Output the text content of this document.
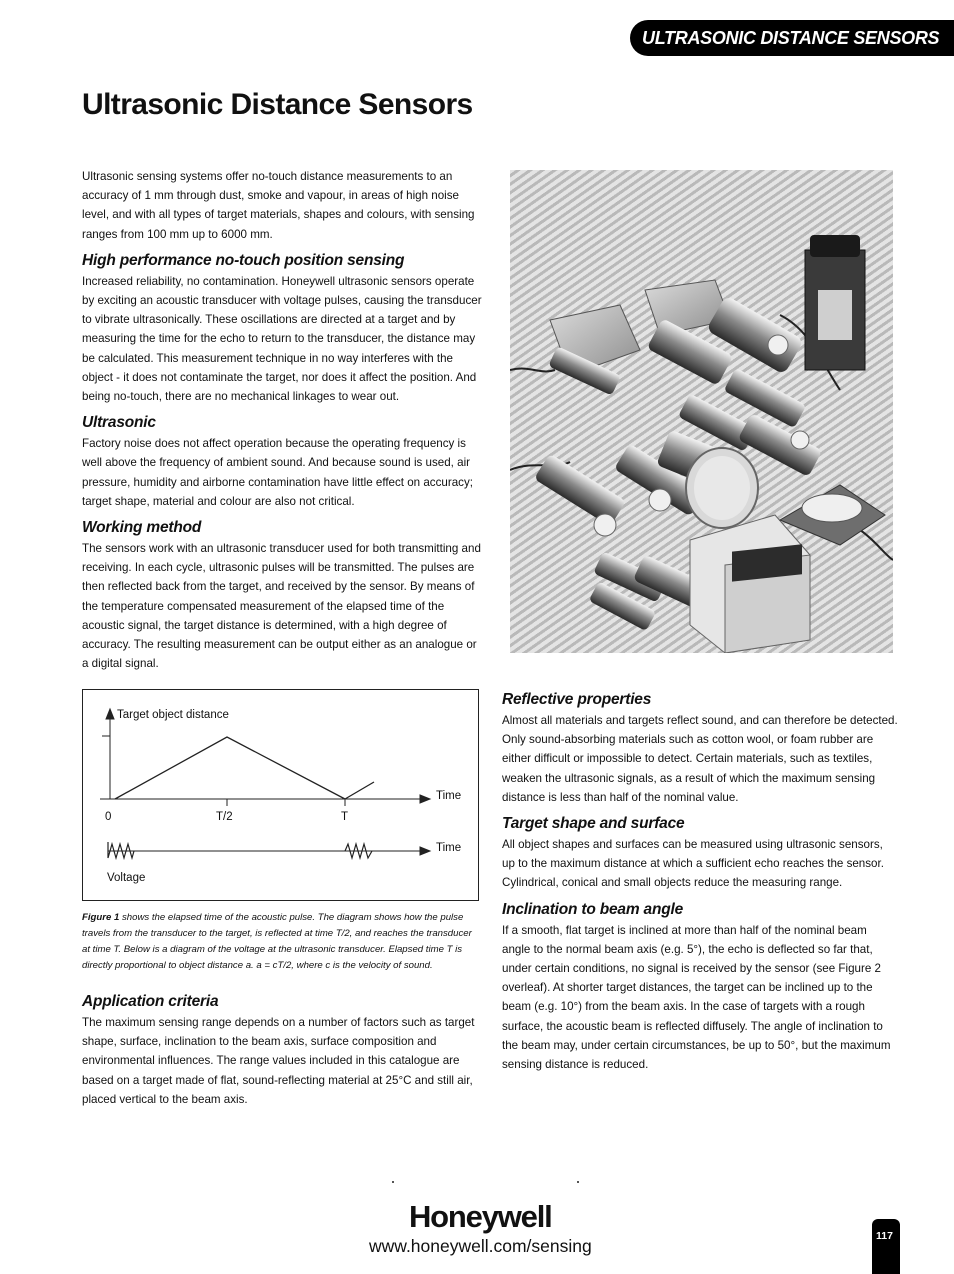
ULTRASONIC DISTANCE SENSORS
Ultrasonic Distance Sensors

Ultrasonic sensing systems offer no-touch distance measurements to an accuracy of 1 mm through dust, smoke and vapour, in areas of high noise level, and with all types of target materials, shapes and colours, with sensing ranges from 100 mm up to 6000 mm.

High performance no-touch position sensing

Increased reliability, no contamination. Honeywell ultrasonic sensors operate by exciting an acoustic transducer with voltage pulses, causing the transducer to vibrate ultrasonically. These oscillations are directed at a target and by measuring the time for the echo to return to the transducer, the distance may be calculated. This measurement technique in no way interferes with the object - it does not contaminate the target, nor does it affect the position. And being no-touch, there are no mechanical linkages to wear out.

Ultrasonic

Factory noise does not affect operation because the operating frequency is well above the frequency of ambient sound. And because sound is used, air pressure, humidity and airborne contamination have little effect on accuracy; target shape, material and colour are also not critical.

Working method

The sensors work with an ultrasonic transducer used for both transmitting and receiving. In each cycle, ultrasonic pulses will be transmitted. The pulses are then reflected back from the target, and received by the sensor. By means of the temperature compensated measurement of the elapsed time of the acoustic signal, the target distance is determined, with a high degree of accuracy. The resulting measurement can be output either as an analogue or a digital signal.

Target object distance
Time
0	T/2	T
Time
Voltage
Figure 1 shows the elapsed time of the acoustic pulse. The diagram shows how the pulse travels from the transducer to the target, is reflected at time T/2, and reaches the transducer at time T. Below is a diagram of the voltage at the ultrasonic transducer. Elapsed time T is directly proportional to object distance a. a = cT/2, where c is the velocity of sound.
Application criteria

The maximum sensing range depends on a number of factors such as target shape, surface, inclination to the beam axis, surface composition and environmental influences. The range values included in this catalogue are based on a target made of flat, sound-reflecting material at 25°C and still air, placed vertical to the beam axis.

Reflective properties

Almost all materials and targets reflect sound, and can therefore be detected. Only sound-absorbing materials such as cotton wool, or foam rubber are either difficult or impossible to detect. Certain materials, such as textiles, weaken the ultrasonic signals, as a result of which the maximum sensing distance is less than half of the nominal value.

Target shape and surface

All object shapes and surfaces can be measured using ultrasonic sensors, up to the maximum distance at which a sufficient echo reaches the sensor. Cylindrical, conical and small objects reduce the measuring range.

Inclination to beam angle

If a smooth, flat target is inclined at more than half of the nominal beam angle to the normal beam axis (e.g. 5°), the echo is deflected so far that, under certain conditions, no signal is received by the sensor (see Figure 2 overleaf). At shorter target distances, the target can be inclined up to the beam (e.g. 10°) from the beam axis. In the case of targets with a rough surface, the acoustic beam is reflected diffusely. The angle of inclination to the beam may, under certain circumstances, be up to 50°, but the maximum sensing distance is reduced.

Honeywell
www.honeywell.com/sensing	117
